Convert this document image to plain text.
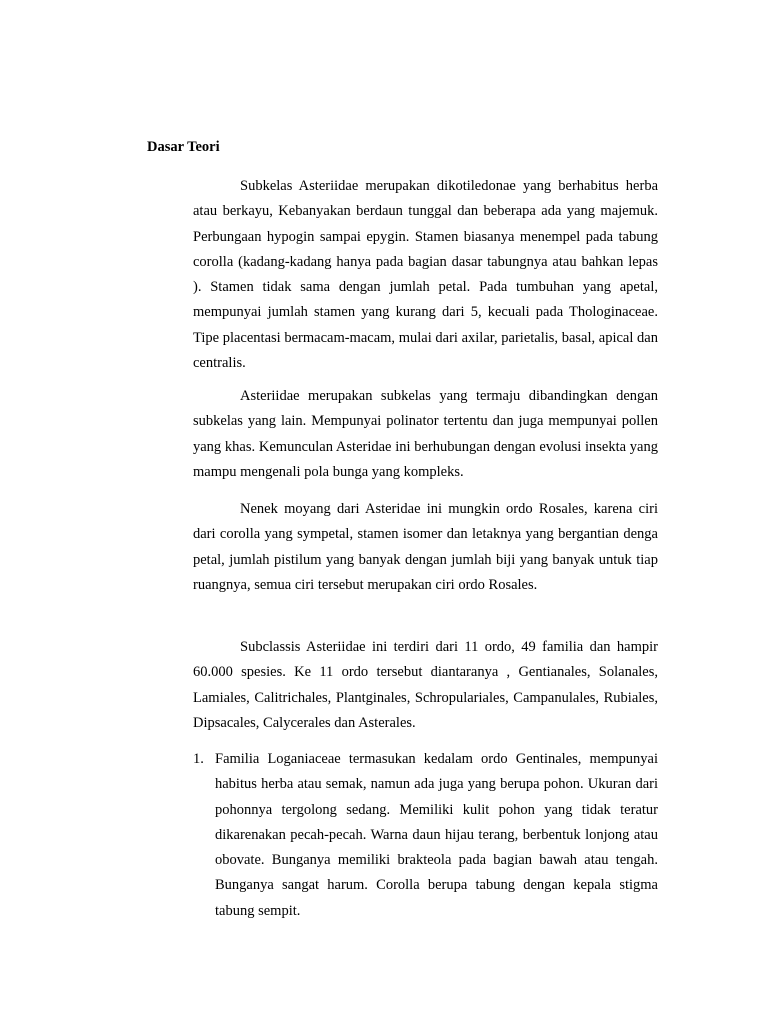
Dasar Teori

Subkelas Asteriidae merupakan dikotiledonae yang berhabitus herba atau berkayu, Kebanyakan berdaun tunggal dan beberapa ada yang majemuk. Perbungaan hypogin sampai epygin. Stamen biasanya menempel pada tabung corolla (kadang-kadang hanya pada bagian dasar tabungnya atau bahkan lepas ). Stamen tidak sama dengan jumlah petal. Pada tumbuhan yang apetal, mempunyai jumlah stamen yang kurang dari 5, kecuali pada Thologinaceae. Tipe placentasi bermacam-macam, mulai dari axilar, parietalis, basal, apical dan centralis.

Asteriidae merupakan subkelas yang termaju dibandingkan dengan subkelas yang lain. Mempunyai polinator tertentu dan juga mempunyai pollen yang khas. Kemunculan Asteridae ini berhubungan dengan evolusi insekta yang mampu mengenali pola bunga yang kompleks.

Nenek moyang dari Asteridae ini mungkin ordo Rosales, karena ciri dari corolla yang sympetal, stamen isomer dan letaknya yang bergantian denga petal, jumlah pistilum yang banyak dengan jumlah biji yang banyak untuk tiap ruangnya, semua ciri tersebut merupakan ciri ordo Rosales.

Subclassis Asteriidae ini terdiri dari 11 ordo, 49 familia dan hampir 60.000 spesies. Ke 11 ordo tersebut diantaranya , Gentianales, Solanales, Lamiales, Calitrichales, Plantginales, Schropulariales, Campanulales, Rubiales, Dipsacales, Calycerales dan Asterales.

1. Familia Loganiaceae termasukan kedalam ordo Gentinales, mempunyai habitus herba atau semak, namun ada juga yang berupa pohon. Ukuran dari pohonnya tergolong sedang. Memiliki kulit pohon yang tidak teratur dikarenakan pecah-pecah. Warna daun hijau terang, berbentuk lonjong atau obovate. Bunganya memiliki brakteola pada bagian bawah atau tengah. Bunganya sangat harum. Corolla berupa tabung dengan kepala stigma tabung sempit.
